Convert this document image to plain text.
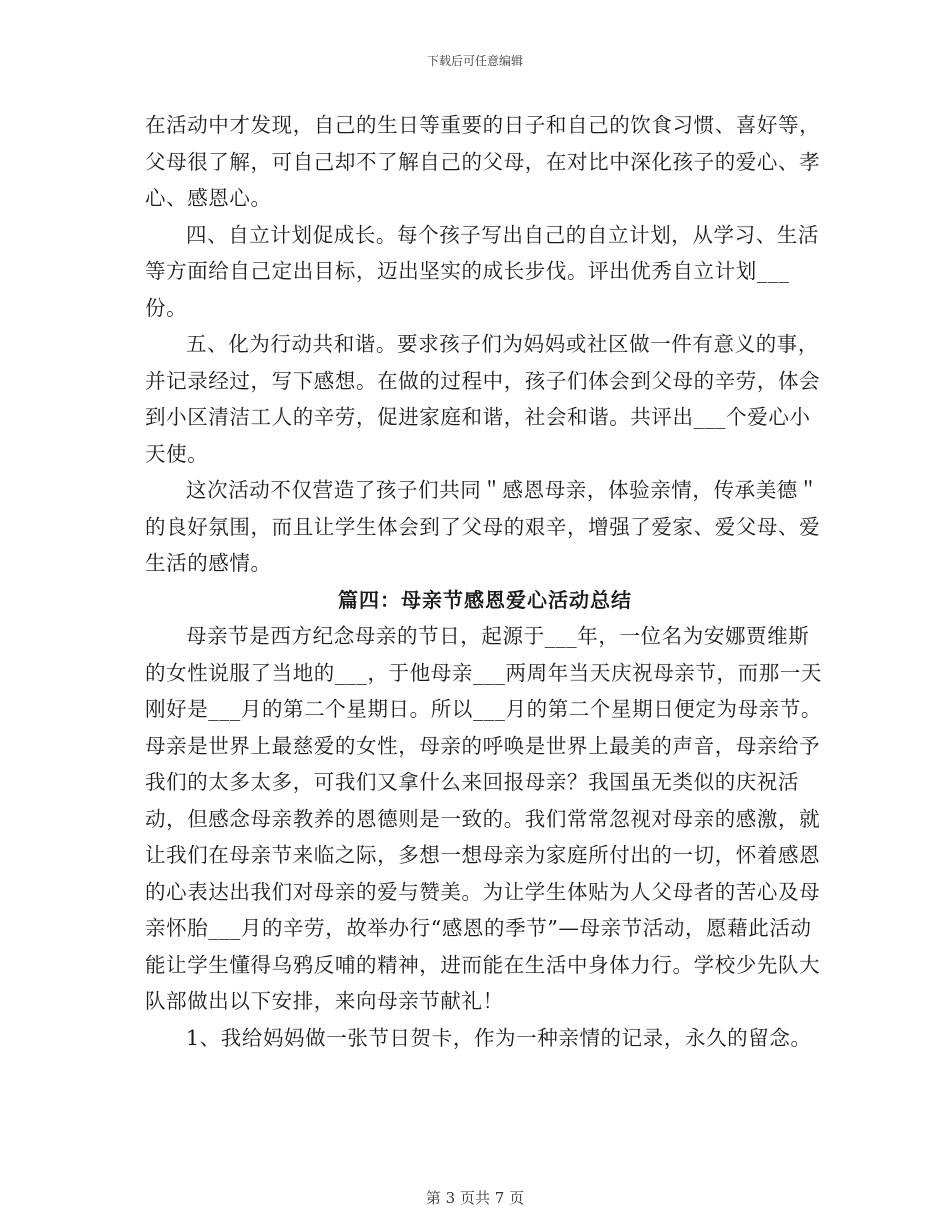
下载后可任意编辑

在活动中才发现，自己的生日等重要的日子和自己的饮食习惯、喜好等，父母很了解，可自己却不了解自己的父母，在对比中深化孩子的爱心、孝心、感恩心。

四、自立计划促成长。每个孩子写出自己的自立计划，从学习、生活等方面给自己定出目标，迈出坚实的成长步伐。评出优秀自立计划___份。

五、化为行动共和谐。要求孩子们为妈妈或社区做一件有意义的事，并记录经过，写下感想。在做的过程中，孩子们体会到父母的辛劳，体会到小区清洁工人的辛劳，促进家庭和谐，社会和谐。共评出___个爱心小天使。

这次活动不仅营造了孩子们共同＂感恩母亲，体验亲情，传承美德＂的良好氛围，而且让学生体会到了父母的艰辛，增强了爱家、爱父母、爱生活的感情。

篇四：母亲节感恩爱心活动总结

母亲节是西方纪念母亲的节日，起源于___年，一位名为安娜贾维斯的女性说服了当地的___，于他母亲___两周年当天庆祝母亲节，而那一天刚好是___月的第二个星期日。所以___月的第二个星期日便定为母亲节。母亲是世界上最慈爱的女性，母亲的呼唤是世界上最美的声音，母亲给予我们的太多太多，可我们又拿什么来回报母亲？我国虽无类似的庆祝活动，但感念母亲教养的恩德则是一致的。我们常常忽视对母亲的感激，就让我们在母亲节来临之际，多想一想母亲为家庭所付出的一切，怀着感恩的心表达出我们对母亲的爱与赞美。为让学生体贴为人父母者的苦心及母亲怀胎___月的辛劳，故举办行“感恩的季节”—母亲节活动，愿藉此活动能让学生懂得乌鸦反哺的精神，进而能在生活中身体力行。学校少先队大队部做出以下安排，来向母亲节献礼！

1、我给妈妈做一张节日贺卡，作为一种亲情的记录，永久的留念。

第 3 页共 7 页
